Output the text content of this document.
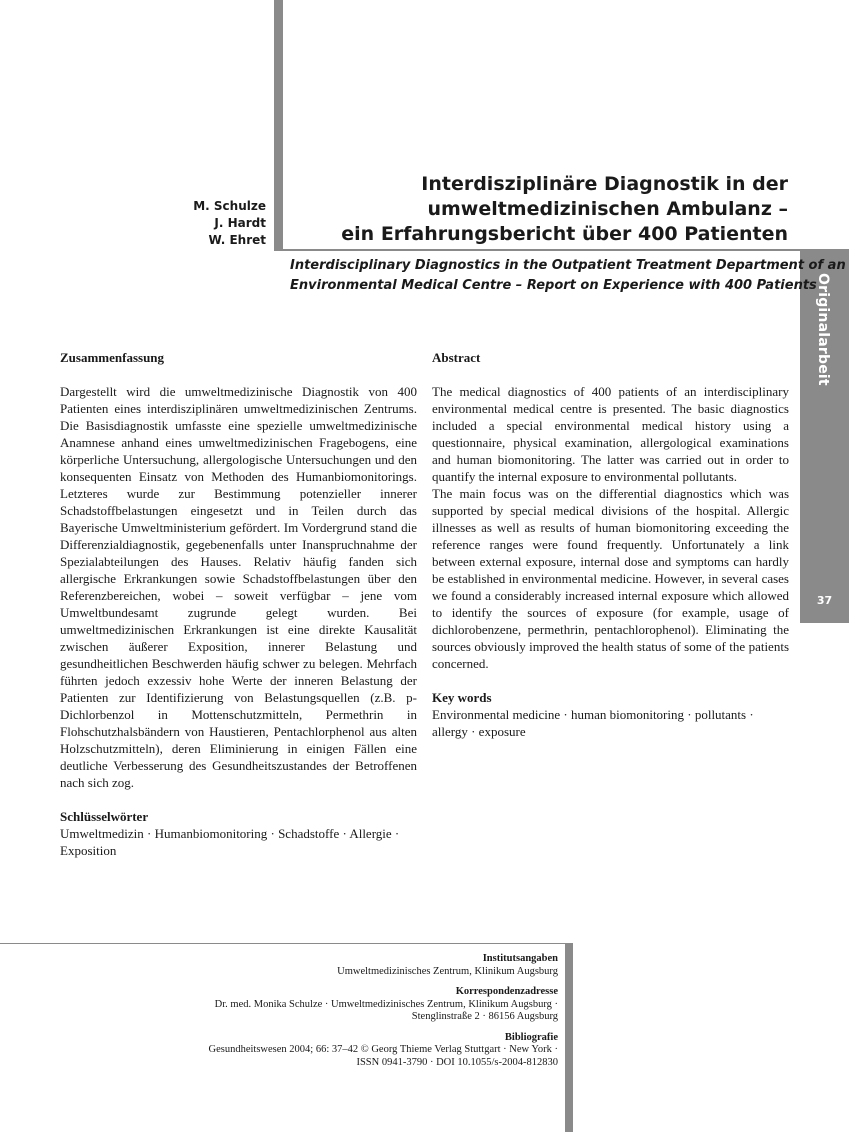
Originalarbeit
37
M. Schulze
J. Hardt
W. Ehret
Interdisziplinäre Diagnostik in der
umweltmedizinischen Ambulanz –
ein Erfahrungsbericht über 400 Patienten
Interdisciplinary Diagnostics in the Outpatient Treatment Department of an
Environmental Medical Centre – Report on Experience with 400 Patients
Zusammenfassung

Dargestellt wird die umweltmedizinische Diagnostik von 400 Patienten eines interdisziplinären umweltmedizinischen Zentrums. Die Basisdiagnostik umfasste eine spezielle umweltmedizinische Anamnese anhand eines umweltmedizinischen Fragebogens, eine körperliche Untersuchung, allergologische Untersuchungen und den konsequenten Einsatz von Methoden des Humanbiomonitorings. Letzteres wurde zur Bestimmung potenzieller innerer Schadstoffbelastungen eingesetzt und in Teilen durch das Bayerische Umweltministerium gefördert. Im Vordergrund stand die Differenzialdiagnostik, gegebenenfalls unter Inanspruchnahme der Spezialabteilungen des Hauses. Relativ häufig fanden sich allergische Erkrankungen sowie Schadstoffbelastungen über den Referenzbereichen, wobei – soweit verfügbar – jene vom Umweltbundesamt zugrunde gelegt wurden. Bei umweltmedizinischen Erkrankungen ist eine direkte Kausalität zwischen äußerer Exposition, innerer Belastung und gesundheitlichen Beschwerden häufig schwer zu belegen. Mehrfach führten jedoch exzessiv hohe Werte der inneren Belastung der Patienten zur Identifizierung von Belastungsquellen (z.B. p-Dichlorbenzol in Mottenschutzmitteln, Permethrin in Flohschutzhalsbändern von Haustieren, Pentachlorphenol aus alten Holzschutzmitteln), deren Eliminierung in einigen Fällen eine deutliche Verbesserung des Gesundheitszustandes der Betroffenen nach sich zog.

Schlüsselwörter

Umweltmedizin · Humanbiomonitoring · Schadstoffe · Allergie · Exposition

Abstract

The medical diagnostics of 400 patients of an interdisciplinary environmental medical centre is presented. The basic diagnostics included a special environmental medical history using a questionnaire, physical examination, allergological examinations and human biomonitoring. The latter was carried out in order to quantify the internal exposure to environmental pollutants.

The main focus was on the differential diagnostics which was supported by special medical divisions of the hospital. Allergic illnesses as well as results of human biomonitoring exceeding the reference ranges were found frequently. Unfortunately a link between external exposure, internal dose and symptoms can hardly be established in environmental medicine. However, in several cases we found a considerably increased internal exposure which allowed to identify the sources of exposure (for example, usage of dichlorobenzene, permethrin, pentachlorophenol). Eliminating the sources obviously improved the health status of some of the patients concerned.

Key words

Environmental medicine · human biomonitoring · pollutants · allergy · exposure

Institutsangaben
Umweltmedizinisches Zentrum, Klinikum Augsburg
Korrespondenzadresse
Dr. med. Monika Schulze · Umweltmedizinisches Zentrum, Klinikum Augsburg ·
Stenglinstraße 2 · 86156 Augsburg
Bibliografie
Gesundheitswesen 2004; 66: 37–42 © Georg Thieme Verlag Stuttgart · New York ·
ISSN 0941-3790 · DOI 10.1055/s-2004-812830
